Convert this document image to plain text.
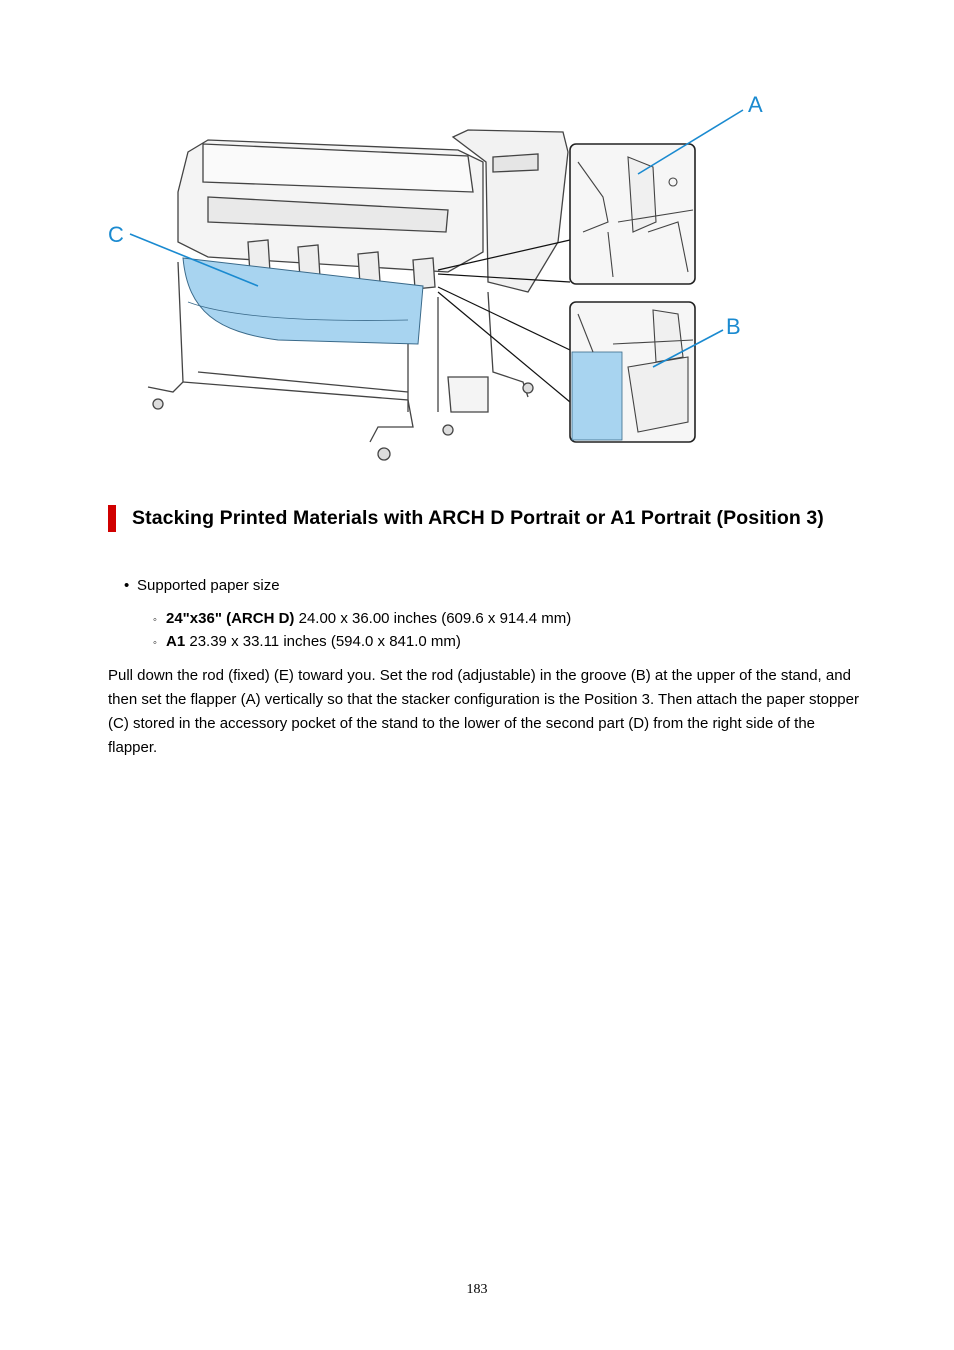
A
B
C
Stacking Printed Materials with ARCH D Portrait or A1 Portrait (Position 3)
• Supported paper size
◦ 24"x36" (ARCH D) 24.00 x 36.00 inches (609.6 x 914.4 mm)
◦ A1 23.39 x 33.11 inches (594.0 x 841.0 mm)

Pull down the rod (fixed) (E) toward you. Set the rod (adjustable) in the groove (B) at the upper of the stand, and then set the flapper (A) vertically so that the stacker configuration is the Position 3. Then attach the paper stopper (C) stored in the accessory pocket of the stand to the lower of the second part (D) from the right side of the flapper.

183
